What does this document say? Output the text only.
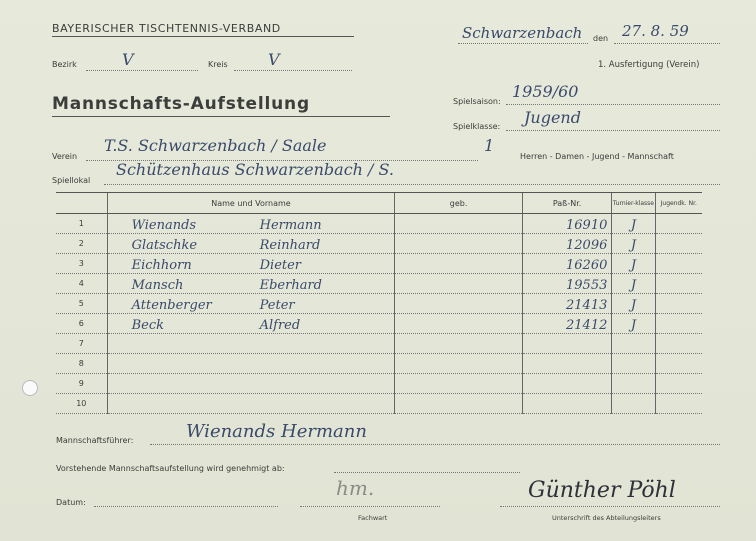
BAYERISCHER TISCHTENNIS-VERBAND	Schwarzenbach den 27. 8. 59
Bezirk	V	Kreis	V	1. Ausfertigung (Verein)
Mannschafts-Aufstellung	Spielsaison:
1959/60
Spielklasse: Jugend
Verein
T.S. Schwarzenbach / Saale	1
Herren - Damen - Jugend - Mannschaft
Spiellokal
Schützenhaus Schwarzenbach / S.
	Name und Vorname	geb.	Paß-Nr.	Turnier-klasse	Jugendk. Nr.
1	Wienands Hermann		16910	J	
2	Glatschke Reinhard		12096	J	
3	Eichhorn Dieter		16260	J	
4	Mansch Eberhard		19553	J	
5	Attenberger Peter		21413	J	
6	Beck Alfred		21412	J	
7					
8					
9					
10					
Mannschaftsführer:	Wienands Hermann
Vorstehende Mannschaftsaufstellung wird genehmigt ab:
hm.
Datum:
Fachwart
Günther Pöhl
Unterschrift des Abteilungsleiters
